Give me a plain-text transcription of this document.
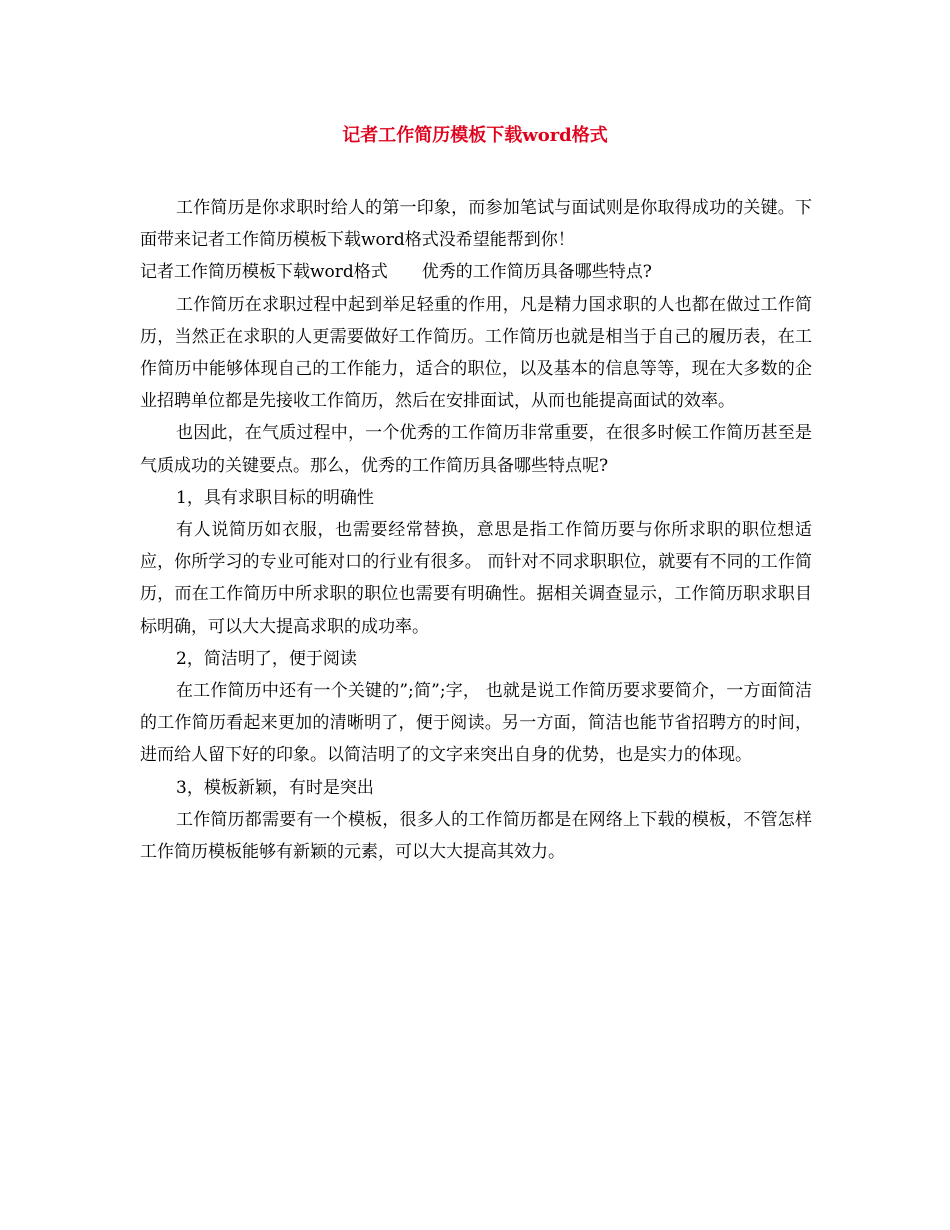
记者工作简历模板下载word格式

工作简历是你求职时给人的第一印象，而参加笔试与面试则是你取得成功的关键。下面带来记者工作简历模板下载word格式没希望能帮到你！

记者工作简历模板下载word格式 优秀的工作简历具备哪些特点?

工作简历在求职过程中起到举足轻重的作用，凡是精力国求职的人也都在做过工作简历，当然正在求职的人更需要做好工作简历。工作简历也就是相当于自己的履历表，在工作简历中能够体现自己的工作能力，适合的职位，以及基本的信息等等，现在大多数的企业招聘单位都是先接收工作简历，然后在安排面试，从而也能提高面试的效率。

也因此，在气质过程中，一个优秀的工作简历非常重要，在很多时候工作简历甚至是气质成功的关键要点。那么，优秀的工作简历具备哪些特点呢?

1，具有求职目标的明确性

有人说简历如衣服，也需要经常替换，意思是指工作简历要与你所求职的职位想适应，你所学习的专业可能对口的行业有很多。 而针对不同求职职位，就要有不同的工作简历，而在工作简历中所求职的职位也需要有明确性。据相关调查显示，工作简历职求职目标明确，可以大大提高求职的成功率。

2，简洁明了，便于阅读

在工作简历中还有一个关键的”;简”;字， 也就是说工作简历要求要简介，一方面简洁的工作简历看起来更加的清晰明了，便于阅读。另一方面，简洁也能节省招聘方的时间，进而给人留下好的印象。以简洁明了的文字来突出自身的优势，也是实力的体现。

3，模板新颖，有时是突出

工作简历都需要有一个模板，很多人的工作简历都是在网络上下载的模板，不管怎样工作简历模板能够有新颖的元素，可以大大提高其效力。
